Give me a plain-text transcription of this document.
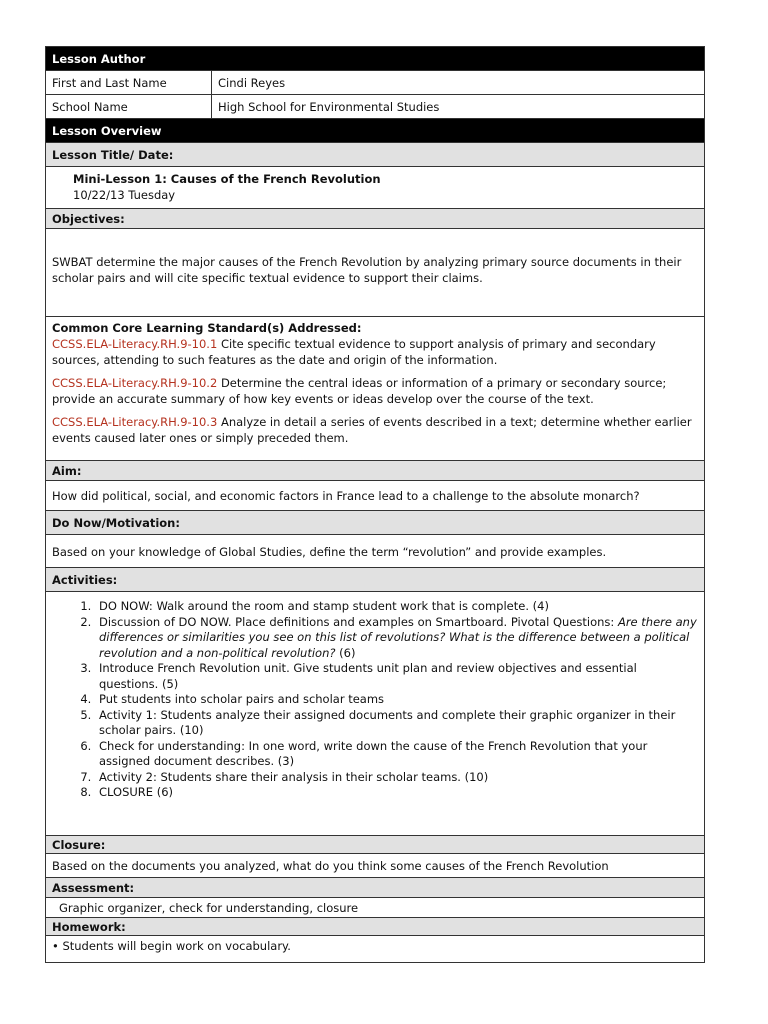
Lesson Author
First and Last Name	Cindi Reyes
School Name	High School for Environmental Studies
Lesson Overview
Lesson Title/ Date:
Mini-Lesson 1: Causes of the French Revolution
10/22/13 Tuesday
Objectives:
SWBAT determine the major causes of the French Revolution by analyzing primary source documents in their scholar pairs and will cite specific textual evidence to support their claims.
Common Core Learning Standard(s) Addressed:

CCSS.ELA-Literacy.RH.9-10.1 Cite specific textual evidence to support analysis of primary and secondary sources, attending to such features as the date and origin of the information.

CCSS.ELA-Literacy.RH.9-10.2 Determine the central ideas or information of a primary or secondary source; provide an accurate summary of how key events or ideas develop over the course of the text.

CCSS.ELA-Literacy.RH.9-10.3 Analyze in detail a series of events described in a text; determine whether earlier events caused later ones or simply preceded them.

Aim:
How did political, social, and economic factors in France lead to a challenge to the absolute monarch?
Do Now/Motivation:
Based on your knowledge of Global Studies, define the term “revolution” and provide examples.
Activities:
1. DO NOW: Walk around the room and stamp student work that is complete. (4)
2. Discussion of DO NOW. Place definitions and examples on Smartboard. Pivotal Questions: Are there any differences or similarities you see on this list of revolutions? What is the difference between a political revolution and a non-political revolution? (6)
3. Introduce French Revolution unit. Give students unit plan and review objectives and essential questions. (5)
4. Put students into scholar pairs and scholar teams
5. Activity 1: Students analyze their assigned documents and complete their graphic organizer in their scholar pairs. (10)
6. Check for understanding: In one word, write down the cause of the French Revolution that your assigned document describes. (3)
7. Activity 2: Students share their analysis in their scholar teams. (10)
8. CLOSURE (6)
Closure:
Based on the documents you analyzed, what do you think some causes of the French Revolution
Assessment:
Graphic organizer, check for understanding, closure
Homework:
• Students will begin work on vocabulary.
